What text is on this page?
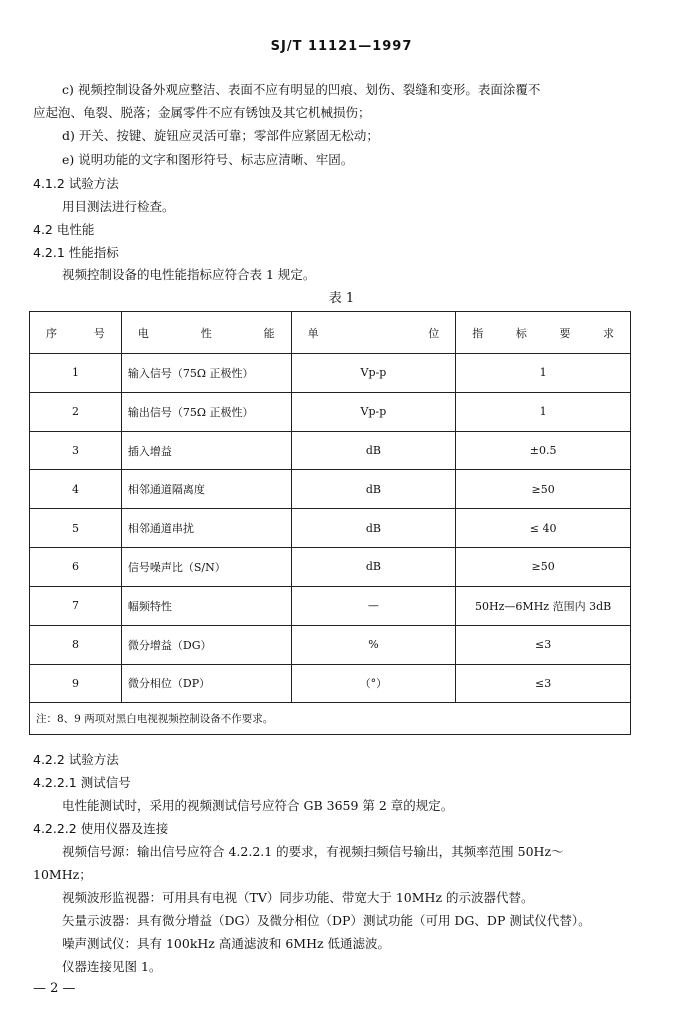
SJ/T 11121—1997
c) 视频控制设备外观应整洁、表面不应有明显的凹痕、划伤、裂缝和变形。表面涂覆不
应起泡、龟裂、脱落；金属零件不应有锈蚀及其它机械损伤；
d) 开关、按键、旋钮应灵活可靠；零部件应紧固无松动；
e) 说明功能的文字和图形符号、标志应清晰、牢固。
4.1.2 试验方法
用目测法进行检查。
4.2 电性能
4.2.1 性能指标
视频控制设备的电性能指标应符合表 1 规定。
表 1
序 号	电 性 能	单 位	指 标 要 求

1	输入信号（75Ω 正极性）	Vp-p	1
2	输出信号（75Ω 正极性）	Vp-p	1
3	插入增益	dB	±0.5
4	相邻通道隔离度	dB	≥50
5	相邻通道串扰	dB	≤ 40
6	信号噪声比（S/N）	dB	≥50
7	幅频特性	—	50Hz—6MHz 范围内 3dB
8	微分增益（DG）	%	≤3
9	微分相位（DP）	（°）	≤3
注：8、9 两项对黑白电视视频控制设备不作要求。			
4.2.2 试验方法
4.2.2.1 测试信号
电性能测试时，采用的视频测试信号应符合 GB 3659 第 2 章的规定。
4.2.2.2 使用仪器及连接
视频信号源：输出信号应符合 4.2.2.1 的要求，有视频扫频信号输出，其频率范围 50Hz～
10MHz；
视频波形监视器：可用具有电视（TV）同步功能、带宽大于 10MHz 的示波器代替。
矢量示波器：具有微分增益（DG）及微分相位（DP）测试功能（可用 DG、DP 测试仪代替）。
噪声测试仪：具有 100kHz 高通滤波和 6MHz 低通滤波。
仪器连接见图 1。
— 2 —
